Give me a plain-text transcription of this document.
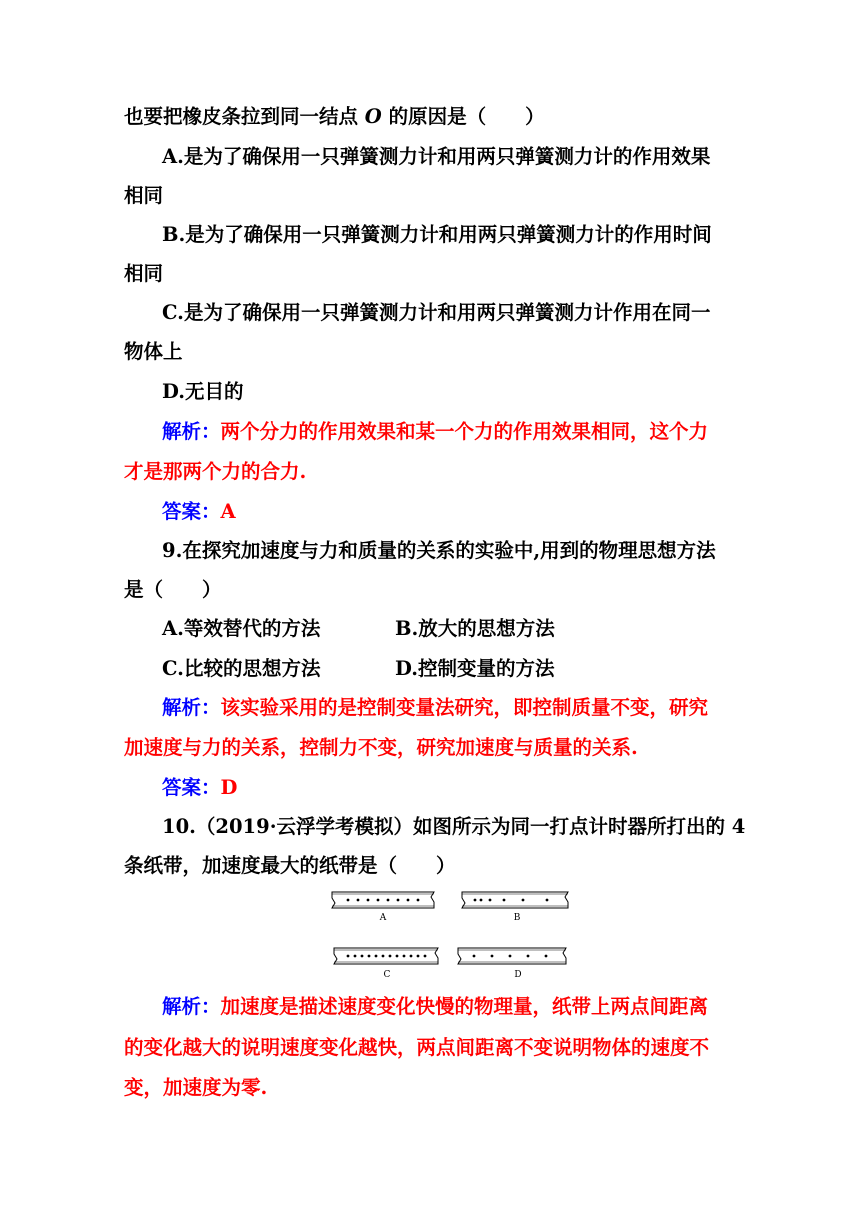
也要把橡皮条拉到同一结点 O 的原因是（　　）
A.是为了确保用一只弹簧测力计和用两只弹簧测力计的作用效果
相同
B.是为了确保用一只弹簧测力计和用两只弹簧测力计的作用时间
相同
C.是为了确保用一只弹簧测力计和用两只弹簧测力计作用在同一
物体上
D.无目的
解析：两个分力的作用效果和某一个力的作用效果相同，这个力
才是那两个力的合力.
答案：A
9.在探究加速度与力和质量的关系的实验中,用到的物理思想方法
是（　　）
A.等效替代的方法	B.放大的思想方法
C.比较的思想方法	D.控制变量的方法
解析：该实验采用的是控制变量法研究，即控制质量不变，研究
加速度与力的关系，控制力不变，研究加速度与质量的关系.
答案：D
10.（2019·云浮学考模拟）如图所示为同一打点计时器所打出的 4
条纸带，加速度最大的纸带是（　　）
A	B
C	D
解析：加速度是描述速度变化快慢的物理量，纸带上两点间距离
的变化越大的说明速度变化越快，两点间距离不变说明物体的速度不
变，加速度为零.
